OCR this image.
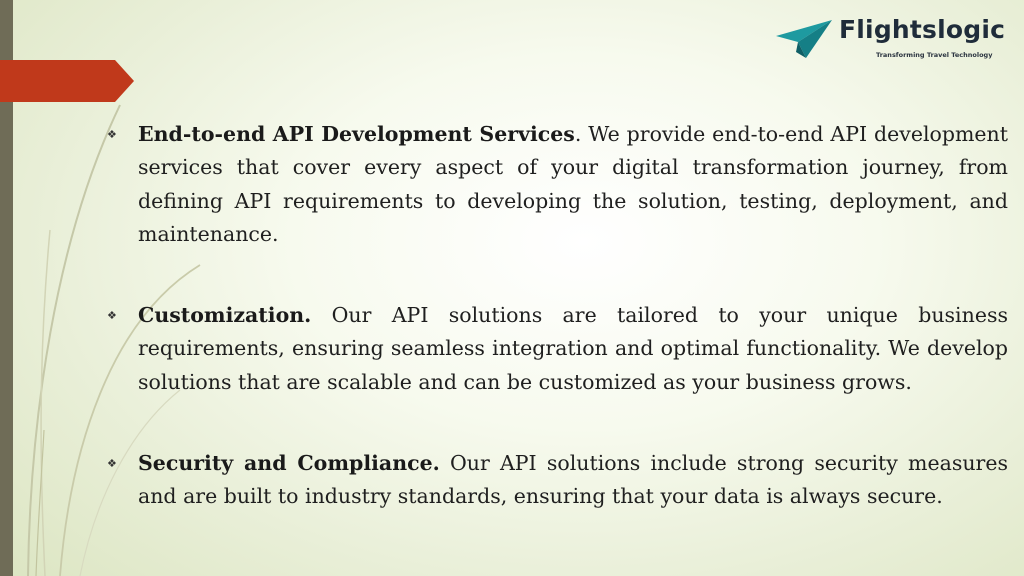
Flightslogic
Transforming Travel Technology

❖ End-to-end API Development Services. We provide end-to-end API development services that cover every aspect of your digital transformation journey, from defining API requirements to developing the solution, testing, deployment, and maintenance.

❖ Customization. Our API solutions are tailored to your unique business requirements, ensuring seamless integration and optimal functionality. We develop solutions that are scalable and can be customized as your business grows.

❖ Security and Compliance. Our API solutions include strong security measures and are built to industry standards, ensuring that your data is always secure.
